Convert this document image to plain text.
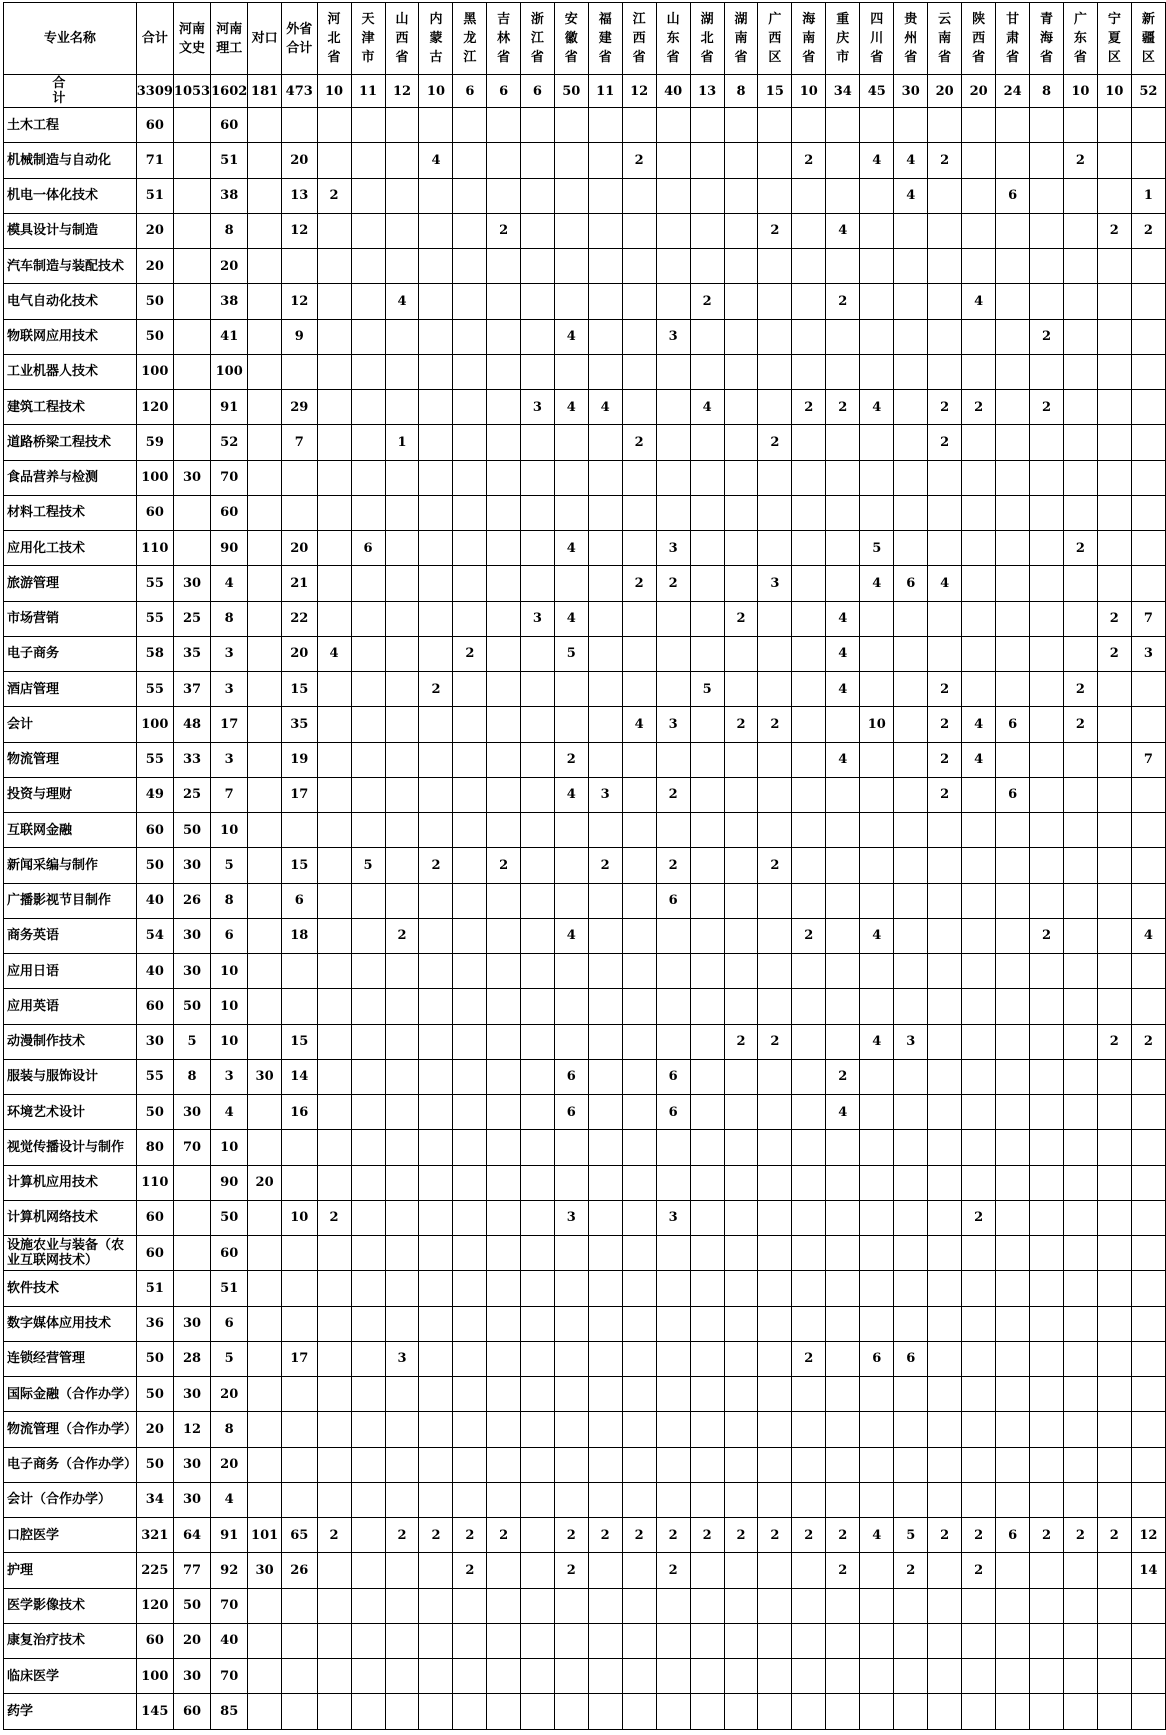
专业名称	合计	河南文史	河南理工	对口	外省合计	河北省	天津市	山西省	内蒙古	黑龙江	吉林省	浙江省	安徽省	福建省	江西省	山东省	湖北省	湖南省	广西区	海南省	重庆市	四川省	贵州省	云南省	陕西省	甘肃省	青海省	广东省	宁夏区	新疆区
合　　计	3309	1053	1602	181	473	10	11	12	10	6	6	6	50	11	12	40	13	8	15	10	34	45	30	20	20	24	8	10	10	52
土木工程	60		60																											
机械制造与自动化	71		51		20				4						2					2		4	4	2				2		
机电一体化技术	51		38		13	2																	4			6				1
模具设计与制造	20		8		12						2								2		4								2	2
汽车制造与装配技术	20		20																											
电气自动化技术	50		38		12			4									2				2				4					
物联网应用技术	50		41		9								4			3											2			
工业机器人技术	100		100																											
建筑工程技术	120		91		29							3	4	4			4			2	2	4		2	2		2			
道路桥梁工程技术	59		52		7			1							2				2					2						
食品营养与检测	100	30	70																											
材料工程技术	60		60																											
应用化工技术	110		90		20		6						4			3						5						2		
旅游管理	55	30	4		21										2	2			3			4	6	4						
市场营销	55	25	8		22							3	4					2			4								2	7
电子商务	58	35	3		20	4				2			5								4								2	3
酒店管理	55	37	3		15				2								5				4			2				2		
会计	100	48	17		35										4	3		2	2			10		2	4	6		2		
物流管理	55	33	3		19								2								4			2	4					7
投资与理财	49	25	7		17								4	3		2								2		6				
互联网金融	60	50	10																											
新闻采编与制作	50	30	5		15		5		2		2			2		2			2											
广播影视节目制作	40	26	8		6											6														
商务英语	54	30	6		18			2					4							2		4					2			4
应用日语	40	30	10																											
应用英语	60	50	10																											
动漫制作技术	30	5	10		15													2	2			4	3						2	2
服装与服饰设计	55	8	3	30	14								6			6					2									
环境艺术设计	50	30	4		16								6			6					4									
视觉传播设计与制作	80	70	10																											
计算机应用技术	110		90	20																										
计算机网络技术	60		50		10	2							3			3									2					
设施农业与装备（农业互联网技术）	60		60																											
软件技术	51		51																											
数字媒体应用技术	36	30	6																											
连锁经营管理	50	28	5		17			3												2		6	6							
国际金融（合作办学）	50	30	20																											
物流管理（合作办学）	20	12	8																											
电子商务（合作办学）	50	30	20																											
会计（合作办学）	34	30	4																											
口腔医学	321	64	91	101	65	2		2	2	2	2		2	2	2	2	2	2	2	2	2	4	5	2	2	6	2	2	2	12
护理	225	77	92	30	26					2			2			2					2		2		2					14
医学影像技术	120	50	70																											
康复治疗技术	60	20	40																											
临床医学	100	30	70																											
药学	145	60	85																											
